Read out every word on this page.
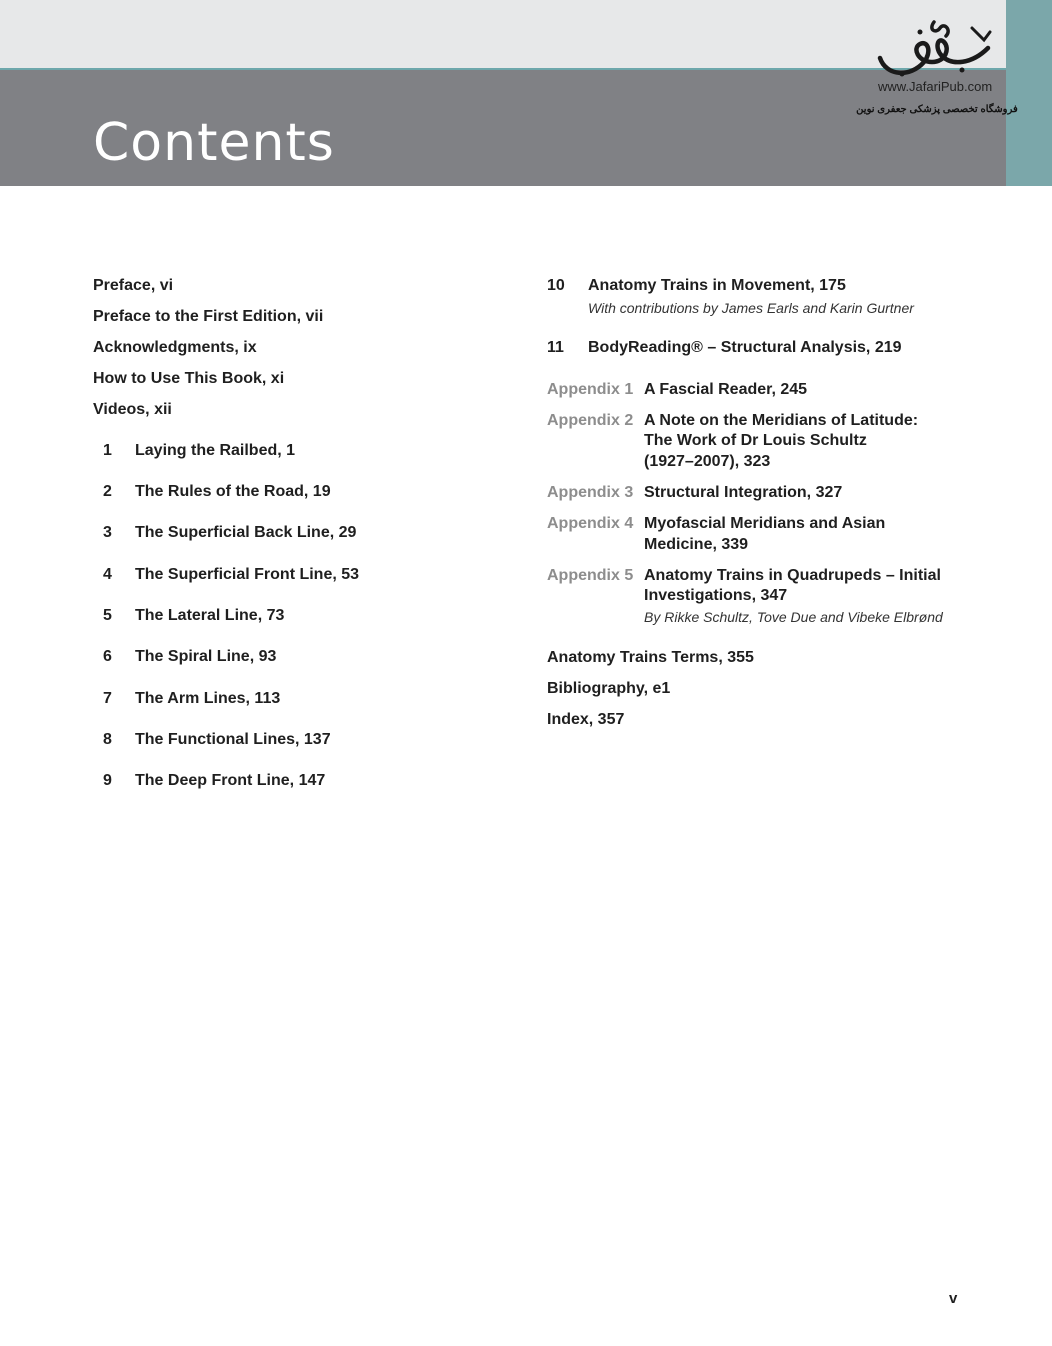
Contents
www.JafariPub.com
فروشگاه تخصصی پزشکی جعفری نوین
Preface, vi
Preface to the First Edition, vii
Acknowledgments, ix
How to Use This Book, xi
Videos, xii
1 Laying the Railbed, 1
2 The Rules of the Road, 19
3 The Superficial Back Line, 29
4 The Superficial Front Line, 53
5 The Lateral Line, 73
6 The Spiral Line, 93
7 The Arm Lines, 113
8 The Functional Lines, 137
9 The Deep Front Line, 147
10 Anatomy Trains in Movement, 175
With contributions by James Earls and Karin Gurtner
11 BodyReading® – Structural Analysis, 219
Appendix 1 A Fascial Reader, 245
Appendix 2 A Note on the Meridians of Latitude:
The Work of Dr Louis Schultz
(1927–2007), 323
Appendix 3 Structural Integration, 327
Appendix 4 Myofascial Meridians and Asian
Medicine, 339
Appendix 5 Anatomy Trains in Quadrupeds – Initial
Investigations, 347
By Rikke Schultz, Tove Due and Vibeke Elbrønd
Anatomy Trains Terms, 355
Bibliography, e1
Index, 357
v
